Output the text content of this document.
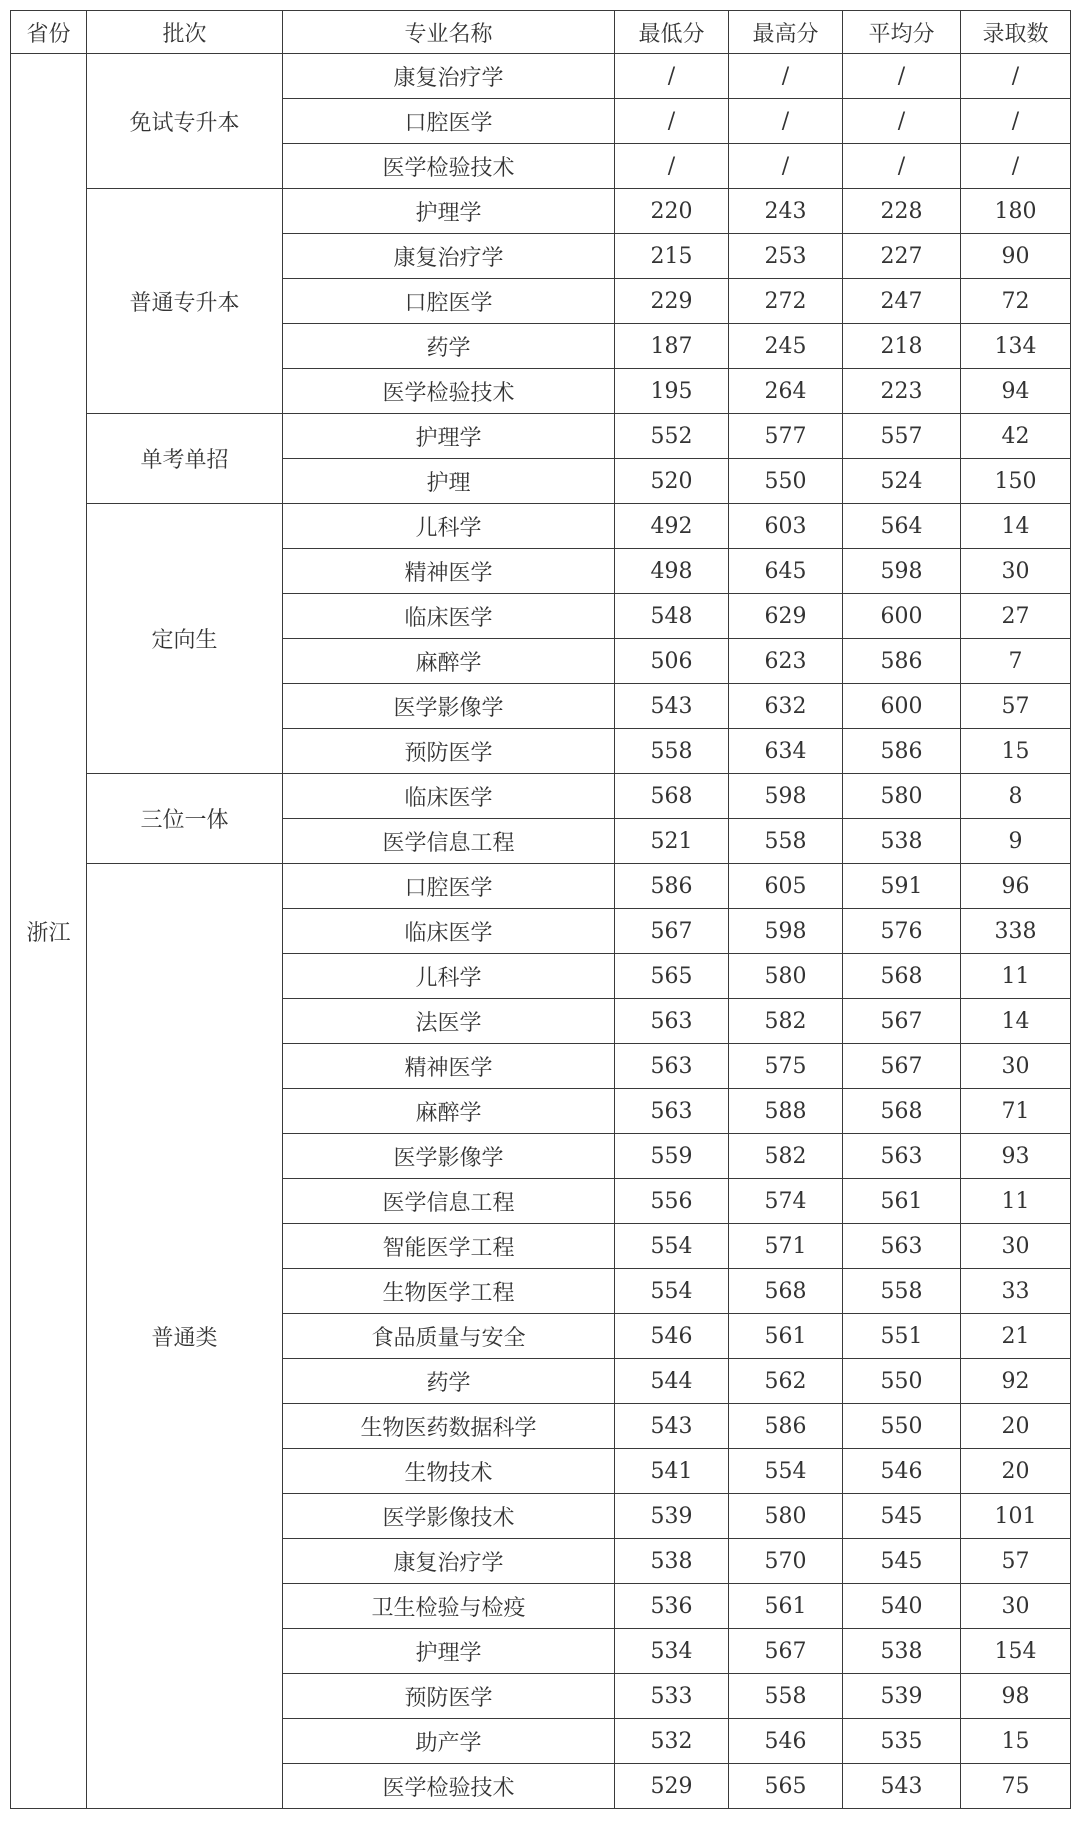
省份	批次	专业名称	最低分	最高分	平均分	录取数
浙江	免试专升本	康复治疗学	/	/	/	/
		口腔医学	/	/	/	/
		医学检验技术	/	/	/	/
	普通专升本	护理学	220	243	228	180
		康复治疗学	215	253	227	90
		口腔医学	229	272	247	72
		药学	187	245	218	134
		医学检验技术	195	264	223	94
	单考单招	护理学	552	577	557	42
		护理	520	550	524	150
	定向生	儿科学	492	603	564	14
		精神医学	498	645	598	30
		临床医学	548	629	600	27
		麻醉学	506	623	586	7
		医学影像学	543	632	600	57
		预防医学	558	634	586	15
	三位一体	临床医学	568	598	580	8
		医学信息工程	521	558	538	9
	普通类	口腔医学	586	605	591	96
		临床医学	567	598	576	338
		儿科学	565	580	568	11
		法医学	563	582	567	14
		精神医学	563	575	567	30
		麻醉学	563	588	568	71
		医学影像学	559	582	563	93
		医学信息工程	556	574	561	11
		智能医学工程	554	571	563	30
		生物医学工程	554	568	558	33
		食品质量与安全	546	561	551	21
		药学	544	562	550	92
		生物医药数据科学	543	586	550	20
		生物技术	541	554	546	20
		医学影像技术	539	580	545	101
		康复治疗学	538	570	545	57
		卫生检验与检疫	536	561	540	30
		护理学	534	567	538	154
		预防医学	533	558	539	98
		助产学	532	546	535	15
		医学检验技术	529	565	543	75
